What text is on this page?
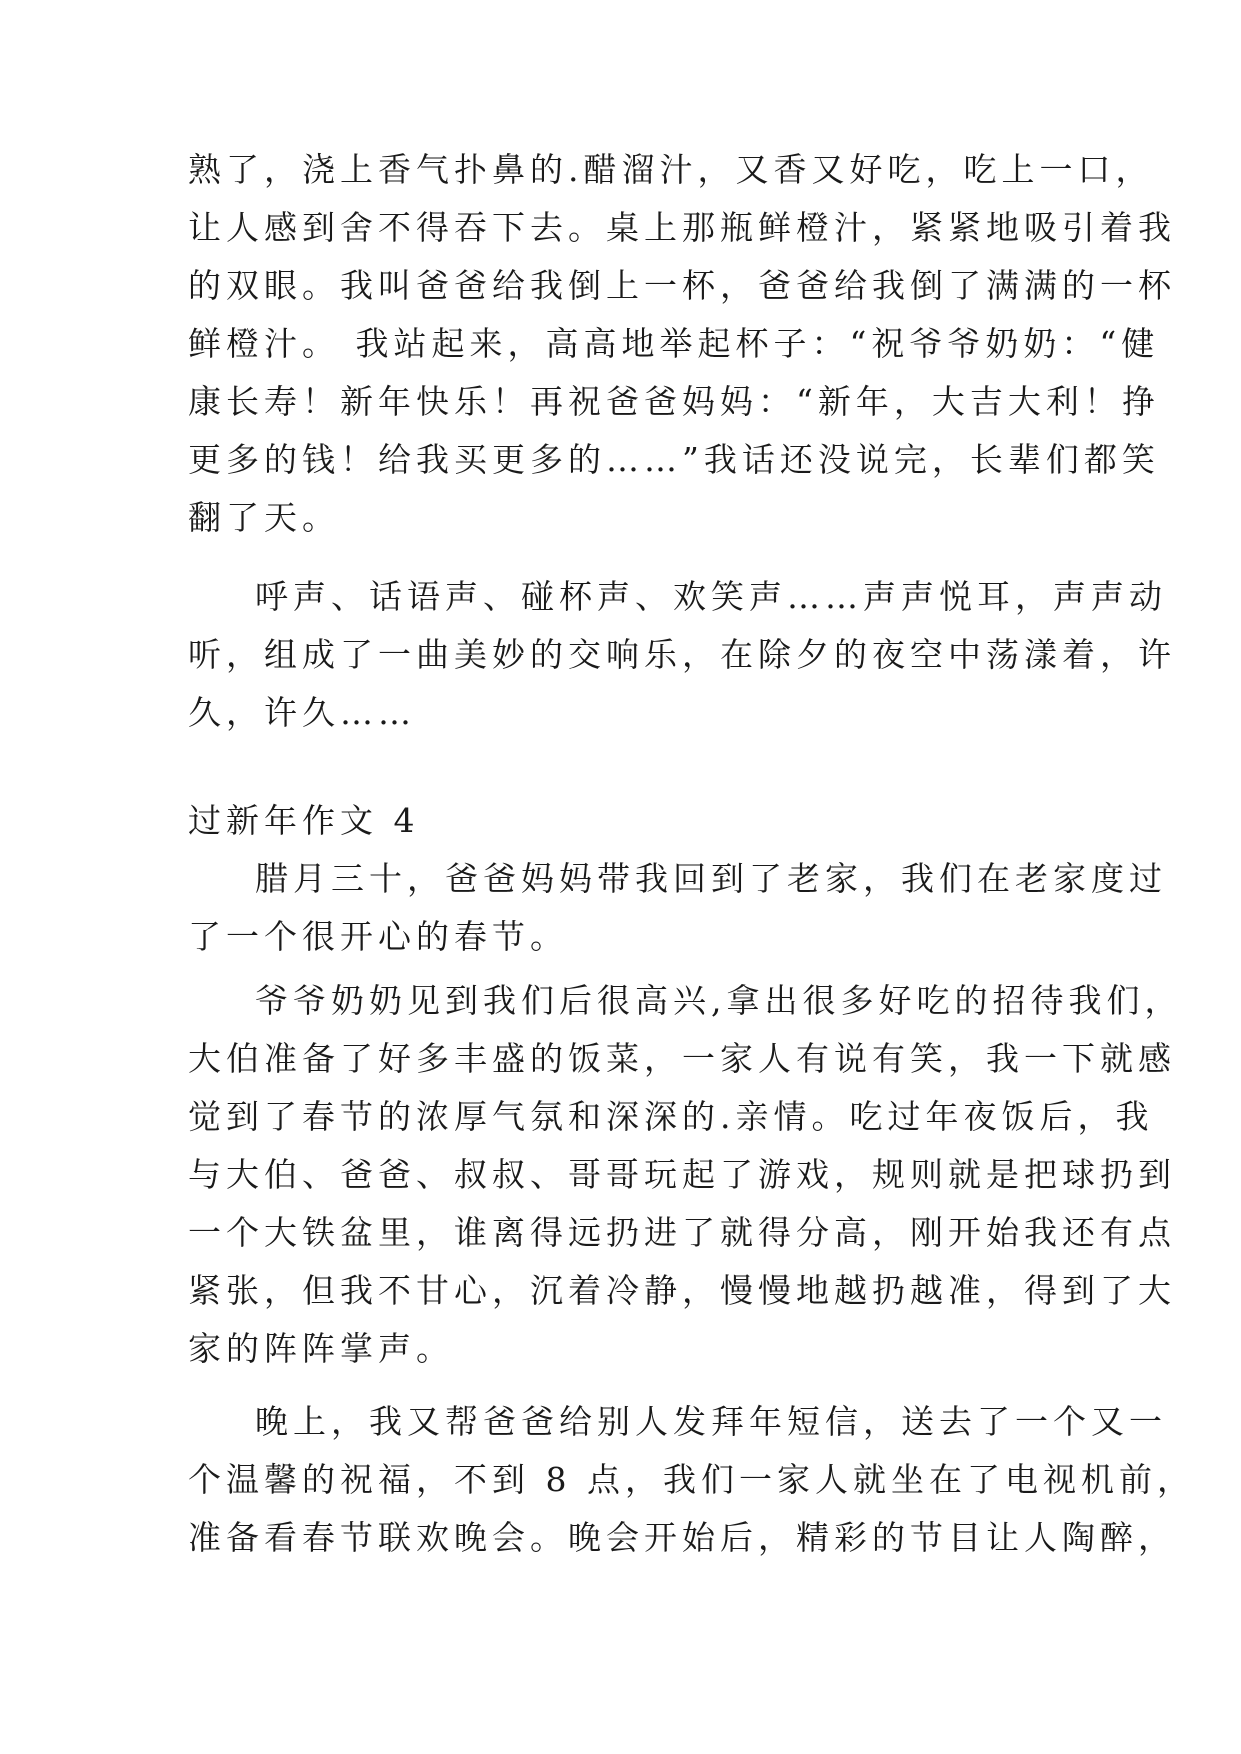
熟了，浇上香气扑鼻的.醋溜汁，又香又好吃，吃上一口，
让人感到舍不得吞下去。桌上那瓶鲜橙汁，紧紧地吸引着我
的双眼。我叫爸爸给我倒上一杯，爸爸给我倒了满满的一杯
鲜橙汁。 我站起来，高高地举起杯子：“祝爷爷奶奶：“健
康长寿！新年快乐！再祝爸爸妈妈：“新年，大吉大利！挣
更多的钱！给我买更多的……”我话还没说完，长辈们都笑
翻了天。
呼声、话语声、碰杯声、欢笑声……声声悦耳，声声动
听，组成了一曲美妙的交响乐，在除夕的夜空中荡漾着，许
久，许久……
过新年作文 4
腊月三十，爸爸妈妈带我回到了老家，我们在老家度过
了一个很开心的春节。
爷爷奶奶见到我们后很高兴,拿出很多好吃的招待我们，
大伯准备了好多丰盛的饭菜，一家人有说有笑，我一下就感
觉到了春节的浓厚气氛和深深的.亲情。吃过年夜饭后，我
与大伯、爸爸、叔叔、哥哥玩起了游戏，规则就是把球扔到
一个大铁盆里，谁离得远扔进了就得分高，刚开始我还有点
紧张，但我不甘心，沉着冷静，慢慢地越扔越准，得到了大
家的阵阵掌声。
晚上，我又帮爸爸给别人发拜年短信，送去了一个又一
个温馨的祝福，不到 8 点，我们一家人就坐在了电视机前，
准备看春节联欢晚会。晚会开始后，精彩的节目让人陶醉，
